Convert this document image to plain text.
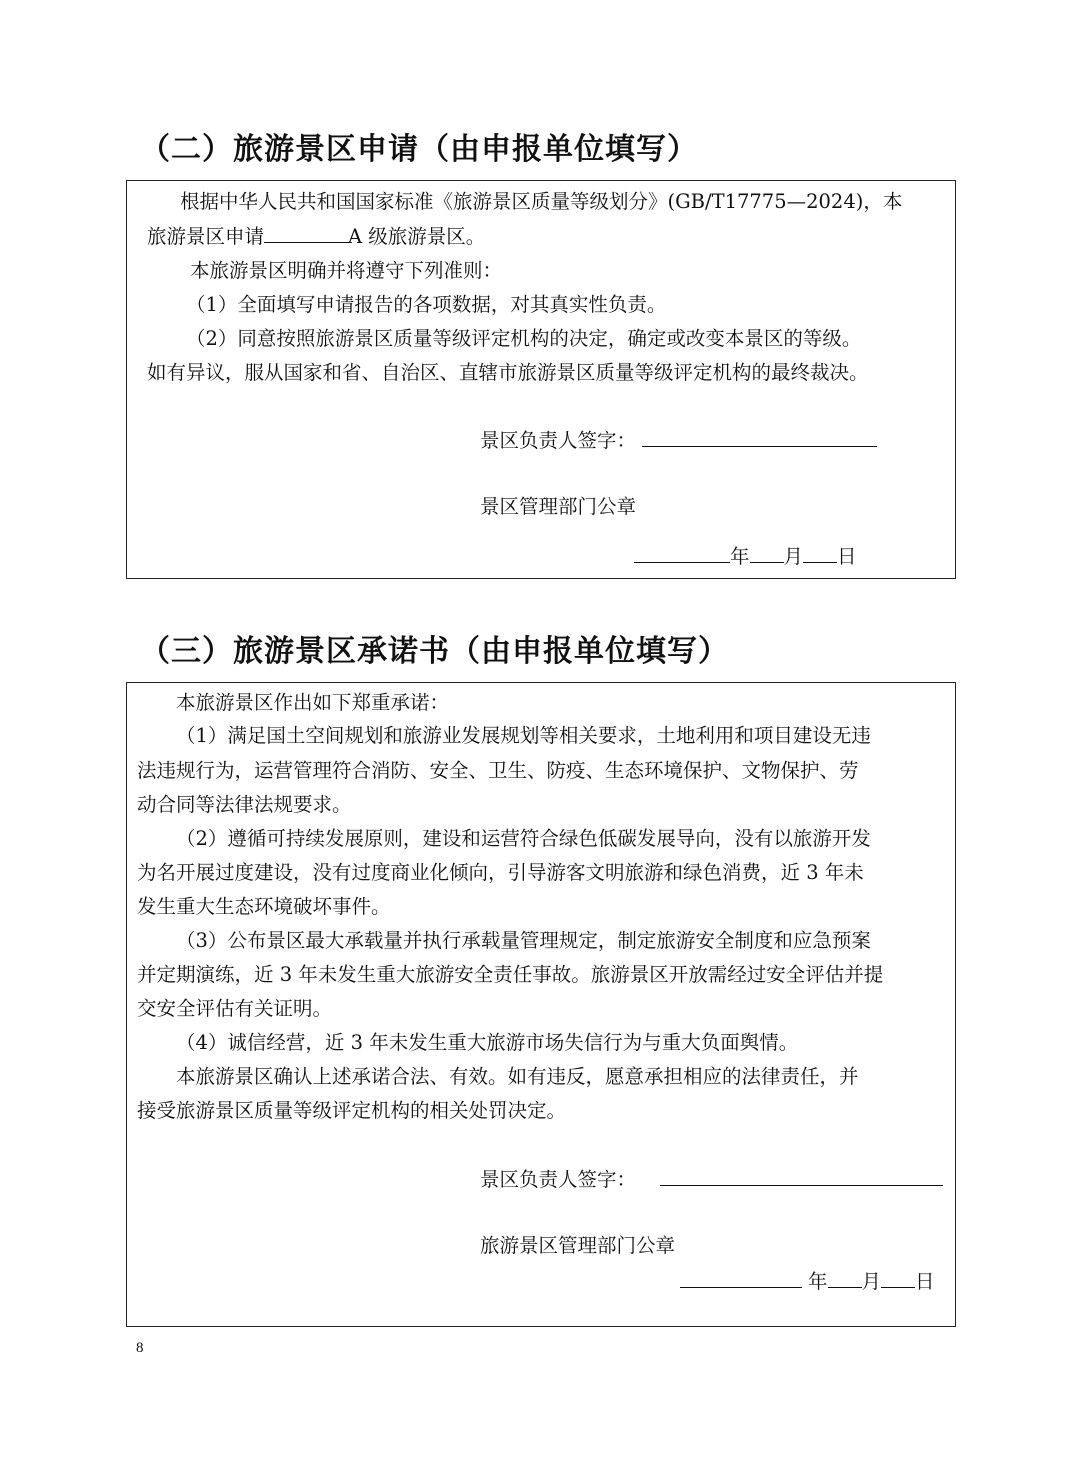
（二）旅游景区申请（由申报单位填写）
根据中华人民共和国国家标准《旅游景区质量等级划分》(GB/T17775—2024)，本
旅游景区申请	A 级旅游景区。
本旅游景区明确并将遵守下列准则：
（1）全面填写申请报告的各项数据，对其真实性负责。
（2）同意按照旅游景区质量等级评定机构的决定，确定或改变本景区的等级。
如有异议，服从国家和省、自治区、直辖市旅游景区质量等级评定机构的最终裁决。
景区负责人签字：
景区管理部门公章
年 月 日
（三）旅游景区承诺书（由申报单位填写）
本旅游景区作出如下郑重承诺：
（1）满足国土空间规划和旅游业发展规划等相关要求，土地利用和项目建设无违
法违规行为，运营管理符合消防、安全、卫生、防疫、生态环境保护、文物保护、劳
动合同等法律法规要求。
（2）遵循可持续发展原则，建设和运营符合绿色低碳发展导向，没有以旅游开发
为名开展过度建设，没有过度商业化倾向，引导游客文明旅游和绿色消费，近 3 年未
发生重大生态环境破坏事件。
（3）公布景区最大承载量并执行承载量管理规定，制定旅游安全制度和应急预案
并定期演练，近 3 年未发生重大旅游安全责任事故。旅游景区开放需经过安全评估并提
交安全评估有关证明。
（4）诚信经营，近 3 年未发生重大旅游市场失信行为与重大负面舆情。
本旅游景区确认上述承诺合法、有效。如有违反，愿意承担相应的法律责任，并
接受旅游景区质量等级评定机构的相关处罚决定。
景区负责人签字：
旅游景区管理部门公章
年 月 日
8
